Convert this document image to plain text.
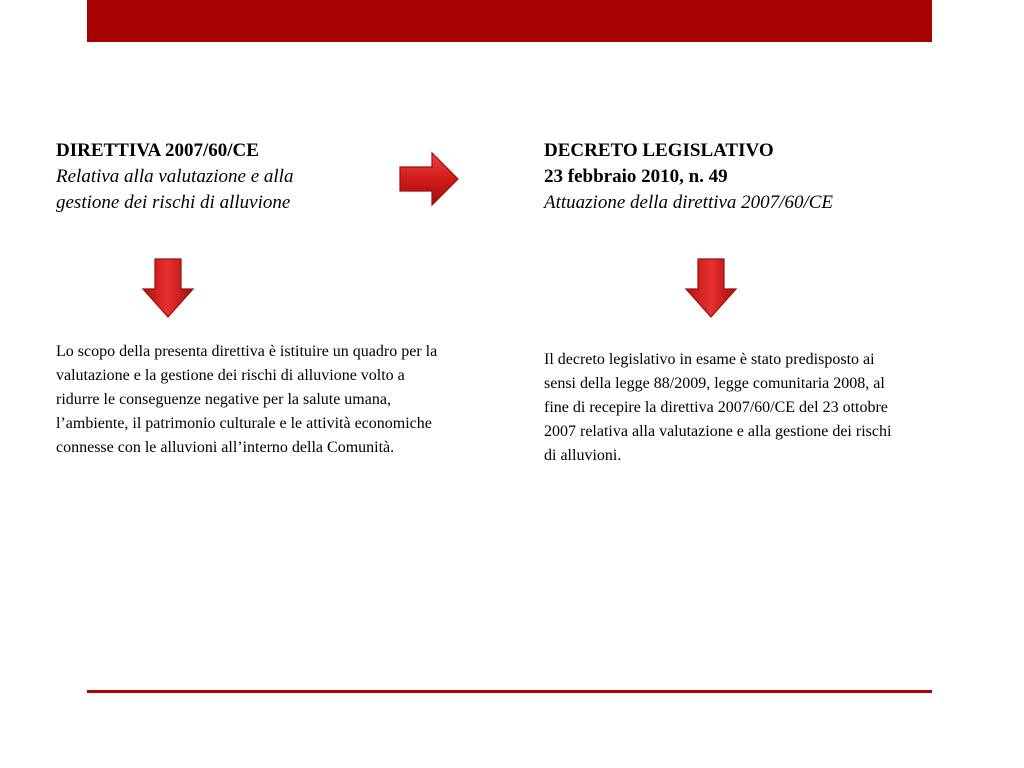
DIRETTIVA 2007/60/CE
Relativa alla valutazione e alla
gestione dei rischi di alluvione
Lo scopo della presenta direttiva è istituire un quadro per la valutazione e la gestione dei rischi di alluvione volto a ridurre le conseguenze negative per la salute umana, l’ambiente, il patrimonio culturale e le attività economiche connesse con le alluvioni all’interno della Comunità.
DECRETO LEGISLATIVO
23 febbraio 2010, n. 49
Attuazione della direttiva 2007/60/CE
Il decreto legislativo in esame è stato predisposto ai sensi della legge 88/2009, legge comunitaria 2008, al fine di recepire la direttiva 2007/60/CE del 23 ottobre 2007 relativa alla valutazione e alla gestione dei rischi di alluvioni.
